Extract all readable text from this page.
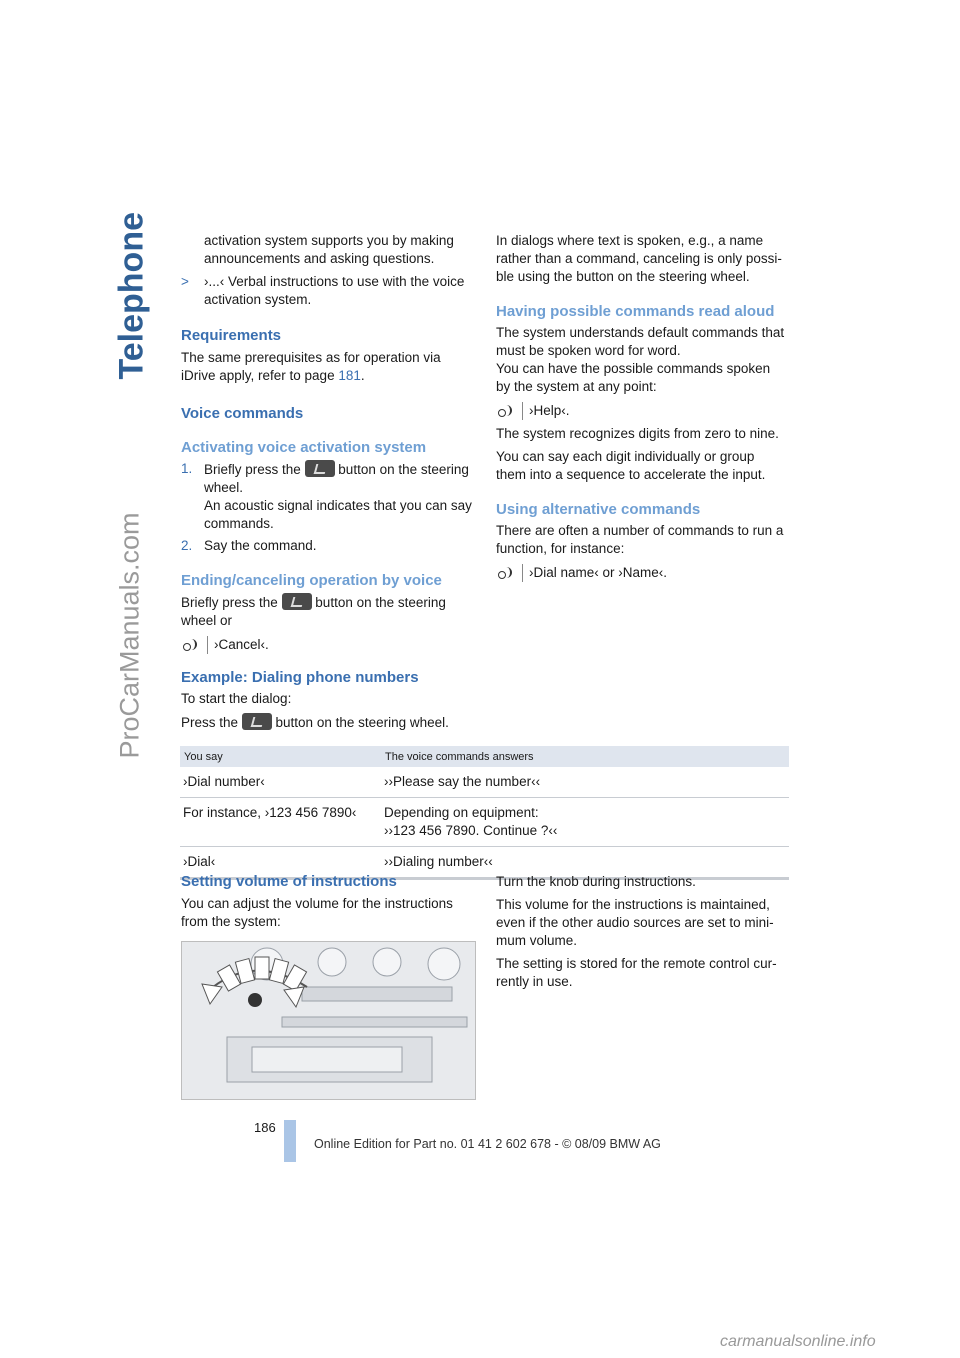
Telephone
ProCarManuals.com

activation system supports you by making announcements and asking questions.

>	›...‹ Verbal instructions to use with the voice activation system.

Requirements

The same prerequisites as for operation via iDrive apply, refer to page 181.

Voice commands

Activating voice activation system

1. Briefly press the  button on the steering wheel.

An acoustic signal indicates that you can say commands.

2. Say the command.

Ending/canceling operation by voice

Briefly press the  button on the steering wheel or

›Cancel‹.

Example: Dialing phone numbers

To start the dialog:

Press the  button on the steering wheel.

In dialogs where text is spoken, e.g., a name rather than a command, canceling is only possi-ble using the button on the steering wheel.

Having possible commands read aloud

The system understands default commands that must be spoken word for word.

You can have the possible commands spoken by the system at any point:

›Help‹.

The system recognizes digits from zero to nine.

You can say each digit individually or group them into a sequence to accelerate the input.

Using alternative commands

There are often a number of commands to run a function, for instance:

›Dial name‹ or ›Name‹.
You say	The voice commands answers
›Dial number‹	››Please say the number‹‹
For instance, ›123 456 7890‹	Depending on equipment:
››123 456 7890. Continue ?‹‹

›Dial‹	››Dialing number‹‹

Setting volume of instructions

You can adjust the volume for the instructions from the system:

Turn the knob during instructions.

This volume for the instructions is maintained, even if the other audio sources are set to mini-mum volume.

The setting is stored for the remote control cur-rently in use.

186
Online Edition for Part no. 01 41 2 602 678 - © 08/09 BMW AG
carmanualsonline.info
